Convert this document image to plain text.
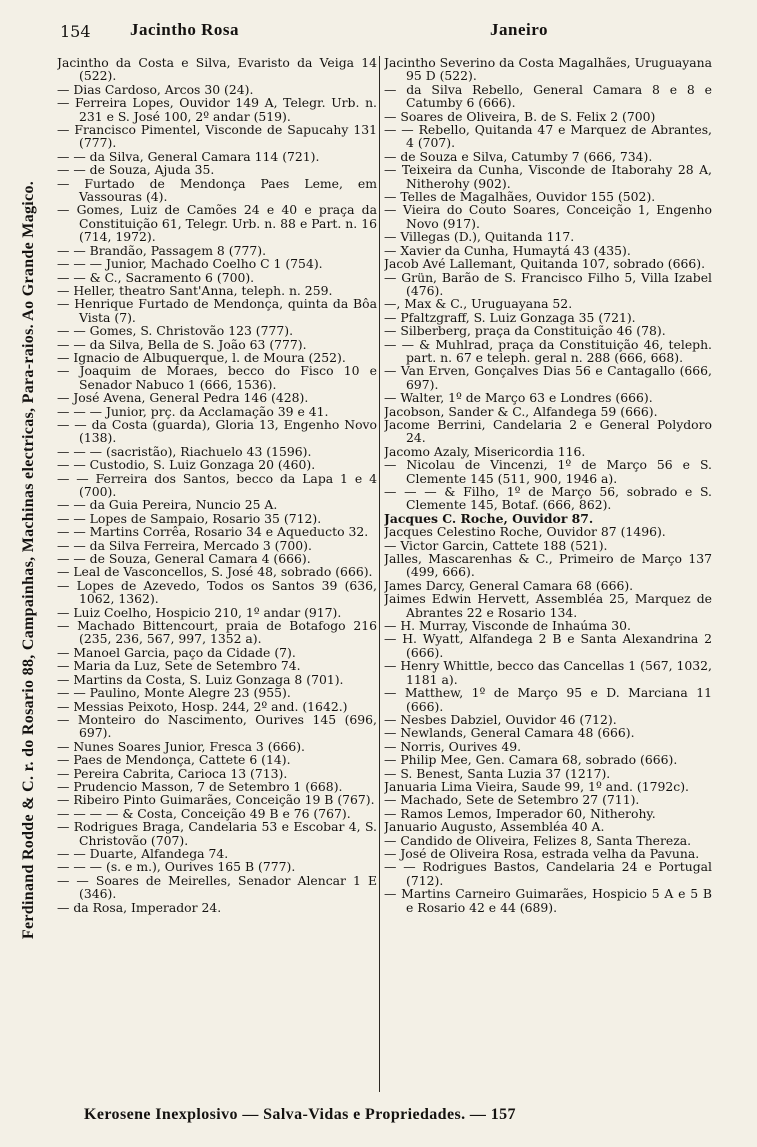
154 Jacintho Rosa	Janeiro
Ferdinand Rodde & C. r. do Rosario 88, Campainhas, Machinas electricas, Para-raios. Ao Grande Magico.

Jacintho da Costa e Silva, Evaristo da Veiga 14 (522).

— Dias Cardoso, Arcos 30 (24).

— Ferreira Lopes, Ouvidor 149 A, Telegr. Urb. n. 231 e S. José 100, 2º andar (519).

— Francisco Pimentel, Visconde de Sapucahy 131 (777).

* — — da Silva, General Camara 114 (721).

— — de Souza, Ajuda 35.

— Furtado de Mendonça Paes Leme, em Vassouras (4).

— Gomes, Luiz de Camões 24 e 40 e praça da Constituição 61, Telegr. Urb. n. 88 e Part. n. 16 (714, 1972).

* — — Brandão, Passagem 8 (777).

— — — Junior, Machado Coelho C 1 (754).

— — & C., Sacramento 6 (700).

— Heller, theatro Sant'Anna, teleph. n. 259.

— Henrique Furtado de Mendonça, quinta da Bôa Vista (7).

* — — Gomes, S. Christovão 123 (777).

— — da Silva, Bella de S. João 63 (777).

— Ignacio de Albuquerque, l. de Moura (252).

* — Joaquim de Moraes, becco do Fisco 10 e Senador Nabuco 1 (666, 1536).

— José Avena, General Pedra 146 (428).

— — — Junior, prç. da Acclamação 39 e 41.

— — da Costa (guarda), Gloria 13, Engenho Novo (138).

— — — (sacristão), Riachuelo 43 (1596).

— — Custodio, S. Luiz Gonzaga 20 (460).

* — — Ferreira dos Santos, becco da Lapa 1 e 4 (700).

— — da Guia Pereira, Nuncio 25 A.

— — Lopes de Sampaio, Rosario 35 (712).

* — — Martins Corrêa, Rosario 34 e Aqueducto 32.

* — — da Silva Ferreira, Mercado 3 (700).

— — de Souza, General Camara 4 (666).

— Leal de Vasconcellos, S. José 48, sobrado (666).

— Lopes de Azevedo, Todos os Santos 39 (636, 1062, 1362).

— Luiz Coelho, Hospicio 210, 1º andar (917).

— Machado Bittencourt, praia de Botafogo 216 (235, 236, 567, 997, 1352 a).

— Manoel Garcia, paço da Cidade (7).

— Maria da Luz, Sete de Setembro 74.

— Martins da Costa, S. Luiz Gonzaga 8 (701).

— — Paulino, Monte Alegre 23 (955).

— Messias Peixoto, Hosp. 244, 2º and. (1642.)

* — Monteiro do Nascimento, Ourives 145 (696, 697).

* — Nunes Soares Junior, Fresca 3 (666).

— Paes de Mendonça, Cattete 6 (14).

— Pereira Cabrita, Carioca 13 (713).

— Prudencio Masson, 7 de Setembro 1 (668).

* — Ribeiro Pinto Guimarães, Conceição 19 B (767).

— — — — & Costa, Conceição 49 B e 76 (767).

— Rodrigues Braga, Candelaria 53 e Escobar 4, S. Christovão (707).

— — Duarte, Alfandega 74.

* — — — (s. e m.), Ourives 165 B (777).

— — Soares de Meirelles, Senador Alencar 1 E (346).

— da Rosa, Imperador 24.

* Jacintho Severino da Costa Magalhães, Uruguayana 95 D (522).

* — da Silva Rebello, General Camara 8 e 8 e Catumby 6 (666).

* — Soares de Oliveira, B. de S. Felix 2 (700)

— — Rebello, Quitanda 47 e Marquez de Abrantes, 4 (707).

* — de Souza e Silva, Catumby 7 (666, 734).

— Teixeira da Cunha, Visconde de Itaborahy 28 A, Nitherohy (902).

* — Telles de Magalhães, Ouvidor 155 (502).

— Vieira do Couto Soares, Conceição 1, Engenho Novo (917).

— Villegas (D.), Quitanda 117.

— Xavier da Cunha, Humaytá 43 (435).

* Jacob Avé Lallemant, Quitanda 107, sobrado (666).

* — Grün, Barão de S. Francisco Filho 5, Villa Izabel (476).

—, Max & C., Uruguayana 52.

* — Pfaltzgraff, S. Luiz Gonzaga 35 (721).

— Silberberg, praça da Constituição 46 (78).

— — & Muhlrad, praça da Constituição 46, teleph. part. n. 67 e teleph. geral n. 288 (666, 668).

* — Van Erven, Gonçalves Dias 56 e Cantagallo (666, 697).

* — Walter, 1º de Março 63 e Londres (666).

Jacobson, Sander & C., Alfandega 59 (666).

Jacome Berrini, Candelaria 2 e General Polydoro 24.

Jacomo Azaly, Misericordia 116.

— Nicolau de Vincenzi, 1º de Março 56 e S. Clemente 145 (511, 900, 1946 a).

* — — — & Filho, 1º de Março 56, sobrado e S. Clemente 145, Botaf. (666, 862).

Jacques C. Roche, Ouvidor 87.

Jacques Celestino Roche, Ouvidor 87 (1496).

— Victor Garcin, Cattete 188 (521).

Jalles, Mascarenhas & C., Primeiro de Março 137 (499, 666).

* James Darcy, General Camara 68 (666).

Jaimes Edwin Hervett, Assembléa 25, Marquez de Abrantes 22 e Rosario 134.

— H. Murray, Visconde de Inhaúma 30.

— H. Wyatt, Alfandega 2 B e Santa Alexandrina 2 (666).

— Henry Whittle, becco das Cancellas 1 (567, 1032, 1181 a).

* — Matthew, 1º de Março 95 e D. Marciana 11 (666).

* — Nesbes Dabziel, Ouvidor 46 (712).

* — Newlands, General Camara 48 (666).

— Norris, Ourives 49.

* — Philip Mee, Gen. Camara 68, sobrado (666).

— S. Benest, Santa Luzia 37 (1217).

Januaria Lima Vieira, Saude 99, 1º and. (1792c).

— Machado, Sete de Setembro 27 (711).

— Ramos Lemos, Imperador 60, Nitherohy.

Januario Augusto, Assembléa 40 A.

— Candido de Oliveira, Felizes 8, Santa Thereza.

— José de Oliveira Rosa, estrada velha da Pavuna.

* — — Rodrigues Bastos, Candelaria 24 e Portugal (712).

* — Martins Carneiro Guimarães, Hospicio 5 A e 5 B e Rosario 42 e 44 (689).

Kerosene Inexplosivo — Salva-Vidas e Propriedades. — 157
